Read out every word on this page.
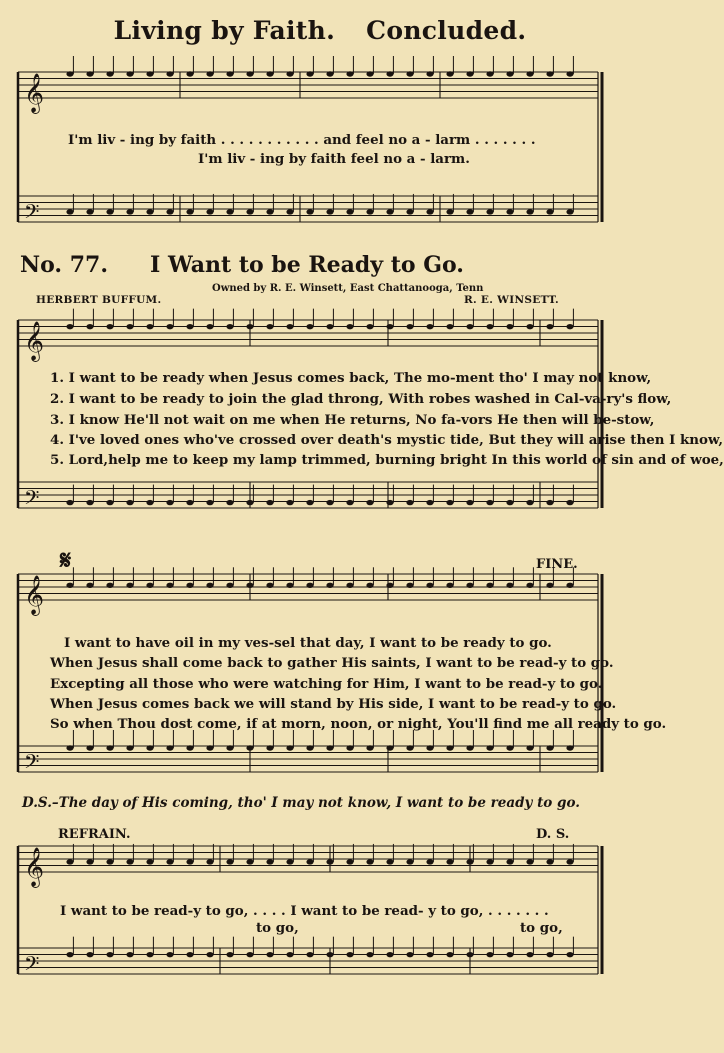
Living by Faith. Concluded.
𝄞
𝄢
𝄞
𝄢
𝄞
𝄢
𝄞
𝄢
I'm liv - ing by faith . . . . . . . . . . . and feel no a - larm . . . . . . .
I'm liv - ing by faith feel no a - larm.
No. 77. I Want to be Ready to Go.
Owned by R. E. Winsett, East Chattanooga, Tenn
HERBERT BUFFUM.	R. E. WINSETT.
1. I want to be ready when Jesus comes back, The mo-ment tho' I may not know,
2. I want to be ready to join the glad throng, With robes washed in Cal-va-ry's flow,
3. I know He'll not wait on me when He returns, No fa-vors He then will be-stow,
4. I've loved ones who've crossed over death's mystic tide, But they will arise then I know,
5. Lord,help me to keep my lamp trimmed, burning bright In this world of sin and of woe,
𝄋	FINE.
I want to have oil in my ves-sel that day, I want to be ready to go.
When Jesus shall come back to gather His saints, I want to be read-y to go.
Excepting all those who were watching for Him, I want to be read-y to go.
When Jesus comes back we will stand by His side, I want to be read-y to go.
So when Thou dost come, if at morn, noon, or night, You'll find me all ready to go.
D.S.–The day of His coming, tho' I may not know, I want to be ready to go.
REFRAIN.	D. S.
I want to be read-y to go, . . . . I want to be read- y to go, . . . . . . .
to go,	to go,
